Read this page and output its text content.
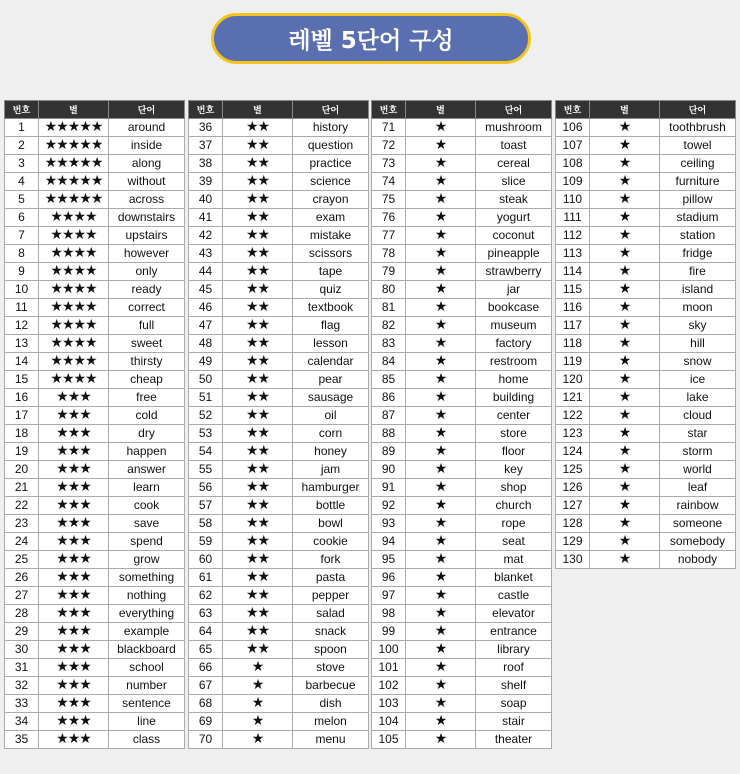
레벨 5단어 구성
번호	별	단어
1	★★★★★	around
2	★★★★★	inside
3	★★★★★	along
4	★★★★★	without
5	★★★★★	across
6	★★★★	downstairs
7	★★★★	upstairs
8	★★★★	however
9	★★★★	only
10	★★★★	ready
11	★★★★	correct
12	★★★★	full
13	★★★★	sweet
14	★★★★	thirsty
15	★★★★	cheap
16	★★★	free
17	★★★	cold
18	★★★	dry
19	★★★	happen
20	★★★	answer
21	★★★	learn
22	★★★	cook
23	★★★	save
24	★★★	spend
25	★★★	grow
26	★★★	something
27	★★★	nothing
28	★★★	everything
29	★★★	example
30	★★★	blackboard
31	★★★	school
32	★★★	number
33	★★★	sentence
34	★★★	line
35	★★★	class
번호	별	단어
36	★★	history
37	★★	question
38	★★	practice
39	★★	science
40	★★	crayon
41	★★	exam
42	★★	mistake
43	★★	scissors
44	★★	tape
45	★★	quiz
46	★★	textbook
47	★★	flag
48	★★	lesson
49	★★	calendar
50	★★	pear
51	★★	sausage
52	★★	oil
53	★★	corn
54	★★	honey
55	★★	jam
56	★★	hamburger
57	★★	bottle
58	★★	bowl
59	★★	cookie
60	★★	fork
61	★★	pasta
62	★★	pepper
63	★★	salad
64	★★	snack
65	★★	spoon
66	★	stove
67	★	barbecue
68	★	dish
69	★	melon
70	★	menu
번호	별	단어
71	★	mushroom
72	★	toast
73	★	cereal
74	★	slice
75	★	steak
76	★	yogurt
77	★	coconut
78	★	pineapple
79	★	strawberry
80	★	jar
81	★	bookcase
82	★	museum
83	★	factory
84	★	restroom
85	★	home
86	★	building
87	★	center
88	★	store
89	★	floor
90	★	key
91	★	shop
92	★	church
93	★	rope
94	★	seat
95	★	mat
96	★	blanket
97	★	castle
98	★	elevator
99	★	entrance
100	★	library
101	★	roof
102	★	shelf
103	★	soap
104	★	stair
105	★	theater
번호	별	단어
106	★	toothbrush
107	★	towel
108	★	ceiling
109	★	furniture
110	★	pillow
111	★	stadium
112	★	station
113	★	fridge
114	★	fire
115	★	island
116	★	moon
117	★	sky
118	★	hill
119	★	snow
120	★	ice
121	★	lake
122	★	cloud
123	★	star
124	★	storm
125	★	world
126	★	leaf
127	★	rainbow
128	★	someone
129	★	somebody
130	★	nobody
